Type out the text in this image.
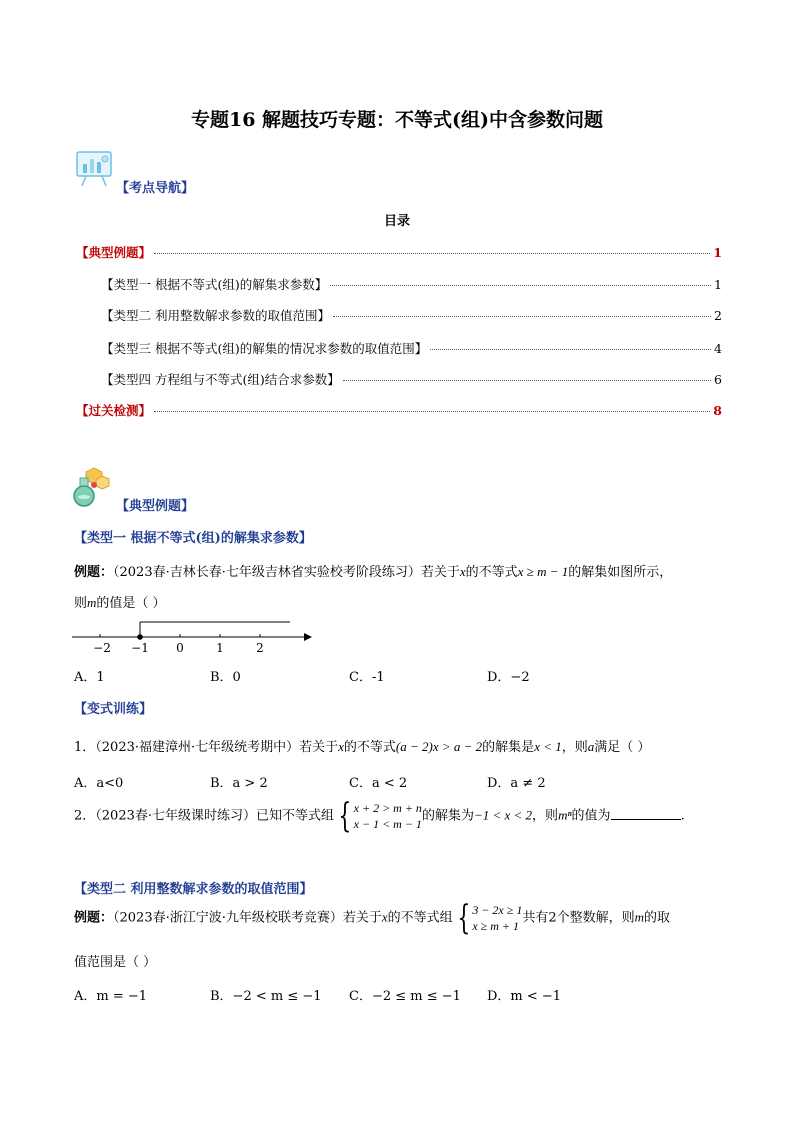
专题16 解题技巧专题：不等式(组)中含参数问题
【考点导航】
目录
【典型例题】	1
【类型一 根据不等式(组)的解集求参数】	1
【类型二 利用整数解求参数的取值范围】	2
【类型三 根据不等式(组)的解集的情况求参数的取值范围】	4
【类型四 方程组与不等式(组)结合求参数】	6
【过关检测】	8
【典型例题】
【类型一 根据不等式(组)的解集求参数】
例题：（2023春·吉林长春·七年级吉林省实验校考阶段练习）若关于x的不等式x ≥ m − 1的解集如图所示，
则m的值是（ ）
−2 −1	0	1	2
A．1	B．0	C．-1	D．−2
【变式训练】
1．（2023·福建漳州·七年级统考期中）若关于x的不等式(a − 2)x > a − 2的解集是x < 1，则a满足（ ）
A．a<0	B．a > 2	C．a < 2	D．a ≠ 2
2．（2023春·七年级课时练习）已知不等式组 { x + 2 > m + n
x − 1 < m − 1
的解集为−1 < x < 2，则mⁿ的值为	.
【类型二 利用整数解求参数的取值范围】
例题：（2023春·浙江宁波·九年级校联考竞赛）若关于x的不等式组 { 3 − 2x ≥ 1
x ≥ m + 1
共有2个整数解，则m的取
值范围是（ ）
A．m = −1	B．−2 < m ≤ −1 C．−2 ≤ m ≤ −1 D．m < −1
